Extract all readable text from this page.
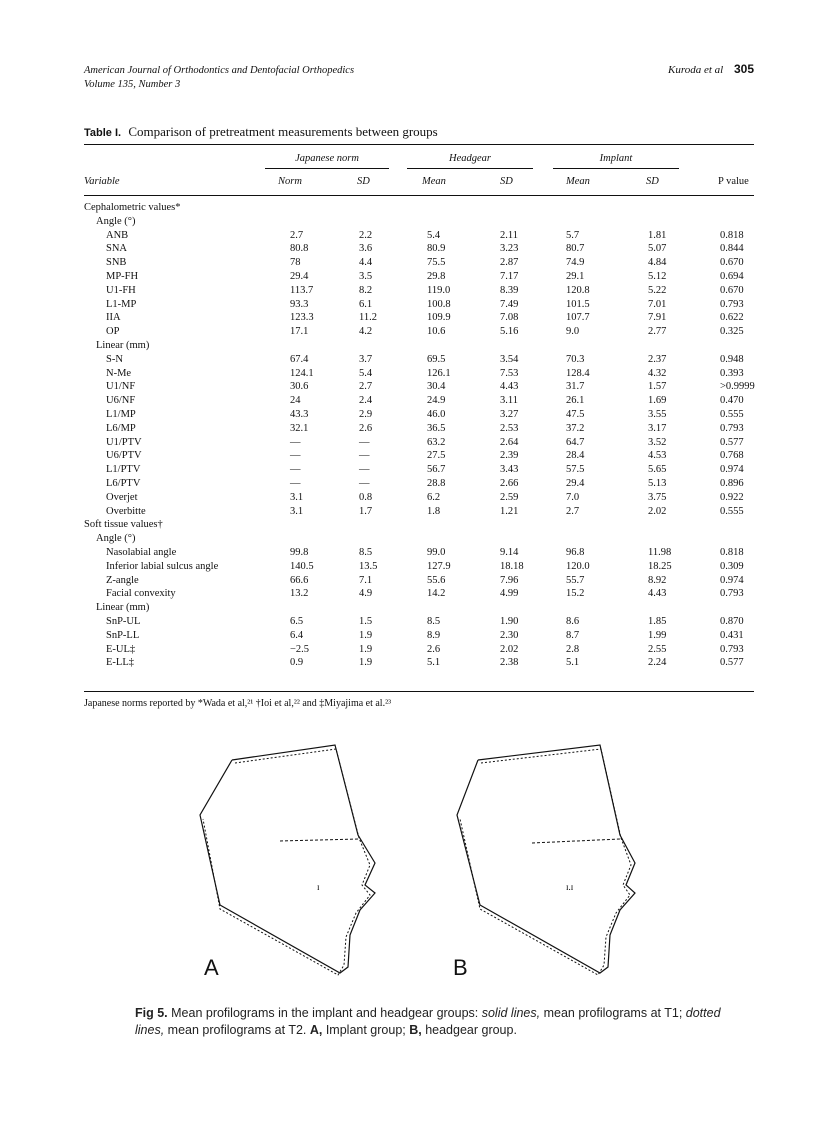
American Journal of Orthodontics and Dentofacial Orthopedics
Volume 135, Number 3
Kuroda et al 305
Table I. Comparison of pretreatment measurements between groups
Japanese norm	Headgear	Implant
Variable	Norm	SD	Mean	SD	Mean	SD	P value
Cephalometric values*
Angle (°)
ANB	2.7	2.2	5.4	2.11	5.7	1.81	0.818
SNA	80.8	3.6	80.9	3.23	80.7	5.07	0.844
SNB	78	4.4	75.5	2.87	74.9	4.84	0.670
MP-FH	29.4	3.5	29.8	7.17	29.1	5.12	0.694
U1-FH	113.7	8.2	119.0	8.39	120.8	5.22	0.670
L1-MP	93.3	6.1	100.8	7.49	101.5	7.01	0.793
IIA	123.3	11.2	109.9	7.08	107.7	7.91	0.622
OP	17.1	4.2	10.6	5.16	9.0	2.77	0.325
Linear (mm)
S-N	67.4	3.7	69.5	3.54	70.3	2.37	0.948
N-Me	124.1	5.4	126.1	7.53	128.4	4.32	0.393
U1/NF	30.6	2.7	30.4	4.43	31.7	1.57	>0.9999
U6/NF	24	2.4	24.9	3.11	26.1	1.69	0.470
L1/MP	43.3	2.9	46.0	3.27	47.5	3.55	0.555
L6/MP	32.1	2.6	36.5	2.53	37.2	3.17	0.793
U1/PTV	—	—	63.2	2.64	64.7	3.52	0.577
U6/PTV	—	—	27.5	2.39	28.4	4.53	0.768
L1/PTV	—	—	56.7	3.43	57.5	5.65	0.974
L6/PTV	—	—	28.8	2.66	29.4	5.13	0.896
Overjet	3.1	0.8	6.2	2.59	7.0	3.75	0.922
Overbitte	3.1	1.7	1.8	1.21	2.7	2.02	0.555
Soft tissue values†
Angle (°)
Nasolabial angle	99.8	8.5	99.0	9.14	96.8	11.98	0.818
Inferior labial sulcus angle	140.5	13.5	127.9	18.18	120.0	18.25	0.309
Z-angle	66.6	7.1	55.6	7.96	55.7	8.92	0.974
Facial convexity	13.2	4.9	14.2	4.99	15.2	4.43	0.793
Linear (mm)
SnP-UL	6.5	1.5	8.5	1.90	8.6	1.85	0.870
SnP-LL	6.4	1.9	8.9	2.30	8.7	1.99	0.431
E-UL‡	−2.5	1.9	2.6	2.02	2.8	2.55	0.793
E-LL‡	0.9	1.9	5.1	2.38	5.1	2.24	0.577
Japanese norms reported by *Wada et al,²¹ †Ioi et al,²² and ‡Miyajima et al.²³
ɪ	ɪ.ɪ
A	B
Fig 5. Mean profilograms in the implant and headgear groups: solid lines, mean profilograms at T1; dotted lines, mean profilograms at T2. A, Implant group; B, headgear group.
